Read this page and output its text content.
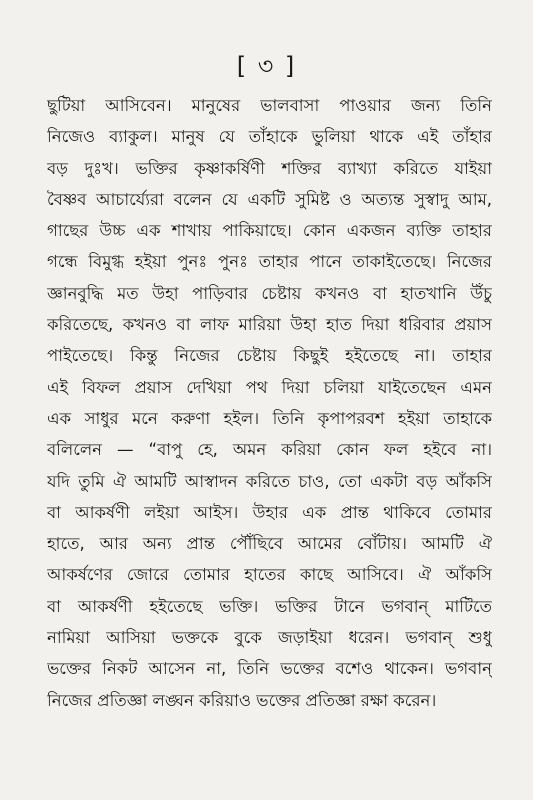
[ ৩ ]
ছুটিয়া আসিবেন। মানুষের ভালবাসা পাওয়ার জন্য তিনি
নিজেও ব্যাকুল। মানুষ যে তাঁহাকে ভুলিয়া থাকে এই তাঁহার
বড় দুঃখ। ভক্তির কৃষ্ণাকর্ষিণী শক্তির ব্যাখ্যা করিতে যাইয়া
বৈষ্ণব আচার্য্যেরা বলেন যে একটি সুমিষ্ট ও অত্যন্ত সুস্বাদু আম,
গাছের উচ্চ এক শাখায় পাকিয়াছে। কোন একজন ব্যক্তি তাহার
গন্ধে বিমুগ্ধ হইয়া পুনঃ পুনঃ তাহার পানে তাকাইতেছে। নিজের
জ্ঞানবুদ্ধি মত উহা পাড়িবার চেষ্টায় কখনও বা হাতখানি উঁচু
করিতেছে, কখনও বা লাফ মারিয়া উহা হাত দিয়া ধরিবার প্রয়াস
পাইতেছে। কিন্তু নিজের চেষ্টায় কিছুই হইতেছে না। তাহার
এই বিফল প্রয়াস দেখিয়া পথ দিয়া চলিয়া যাইতেছেন এমন
এক সাধুর মনে করুণা হইল। তিনি কৃপাপরবশ হইয়া তাহাকে
বলিলেন — “বাপু হে, অমন করিয়া কোন ফল হইবে না।
যদি তুমি ঐ আমটি আস্বাদন করিতে চাও, তো একটা বড় আঁকসি
বা আকর্ষণী লইয়া আইস। উহার এক প্রান্ত থাকিবে তোমার
হাতে, আর অন্য প্রান্ত পৌঁছিবে আমের বোঁটায়। আমটি ঐ
আকর্ষণের জোরে তোমার হাতের কাছে আসিবে। ঐ আঁকসি
বা আকর্ষণী হইতেছে ভক্তি। ভক্তির টানে ভগবান্ মাটিতে
নামিয়া আসিয়া ভক্তকে বুকে জড়াইয়া ধরেন। ভগবান্ শুধু
ভক্তের নিকট আসেন না, তিনি ভক্তের বশেও থাকেন। ভগবান্
নিজের প্রতিজ্ঞা লঙ্ঘন করিয়াও ভক্তের প্রতিজ্ঞা রক্ষা করেন।
